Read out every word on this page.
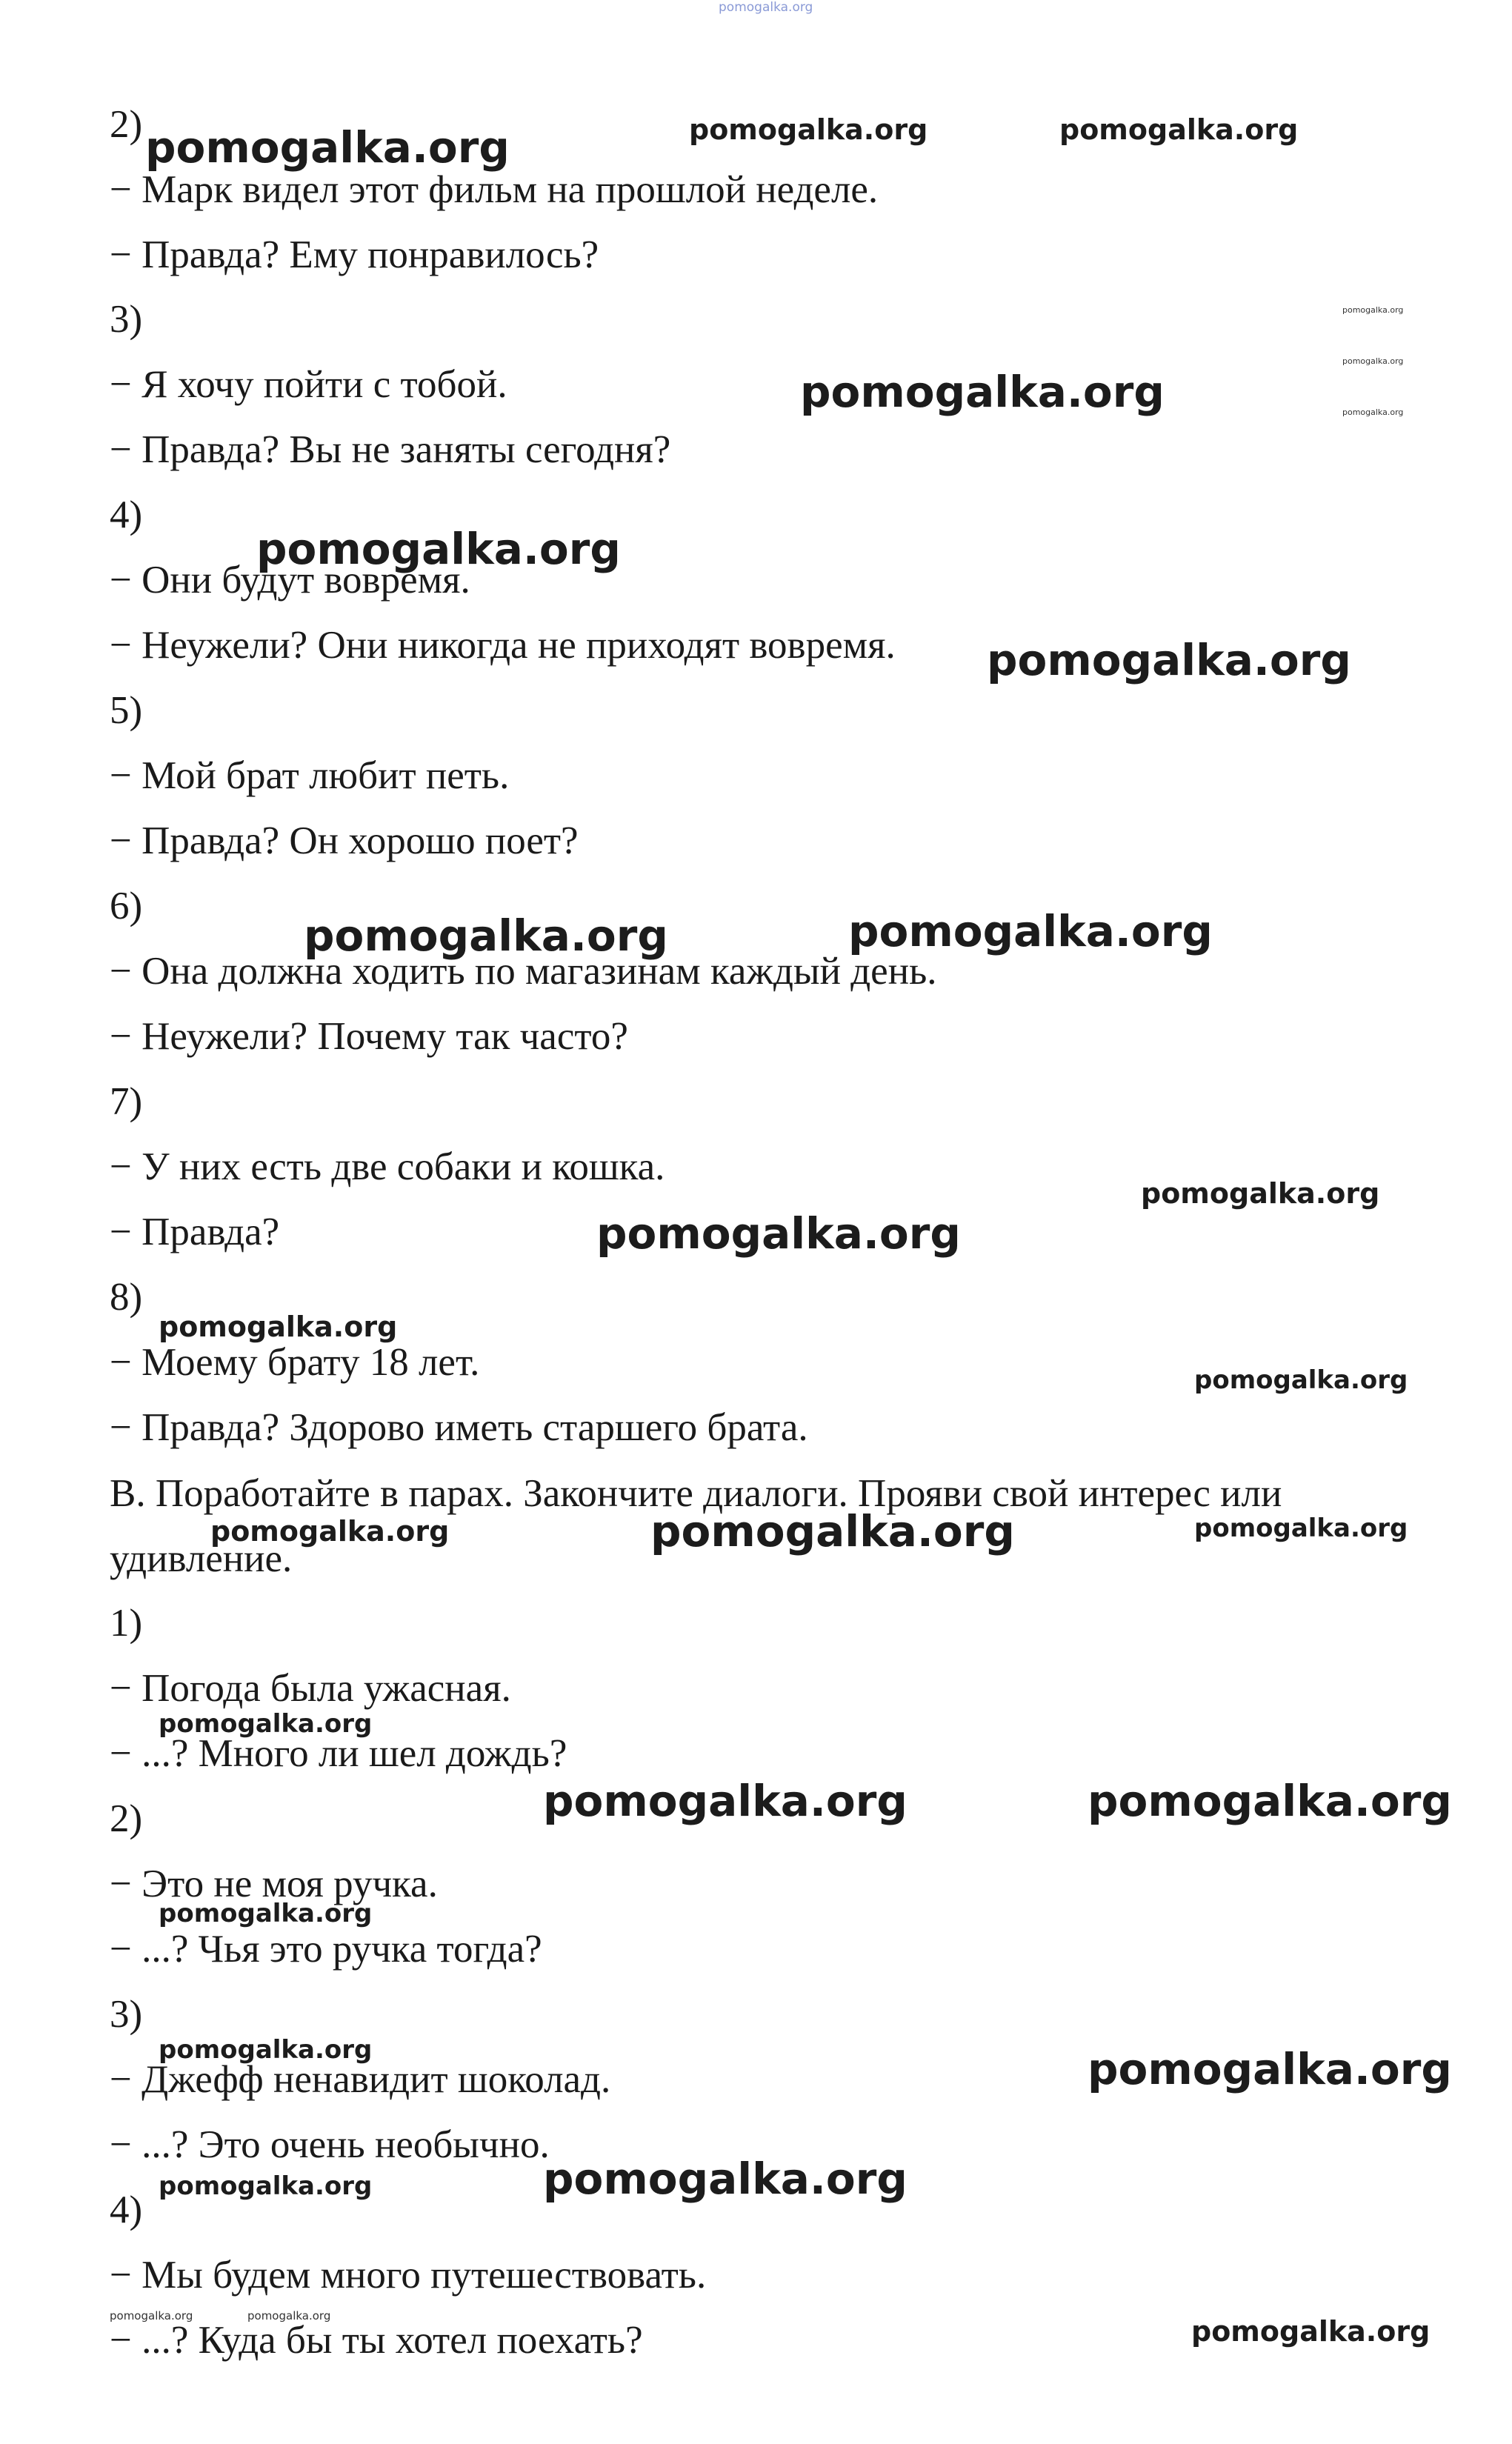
2)

− Марк видел этот фильм на прошлой неделе.

− Правда? Ему понравилось?

3)

− Я хочу пойти с тобой.

− Правда? Вы не заняты сегодня?

4)

− Они будут вовремя.

− Неужели? Они никогда не приходят вовремя.

5)

− Мой брат любит петь.

− Правда? Он хорошо поет?

6)

− Она должна ходить по магазинам каждый день.

− Неужели? Почему так часто?

7)

− У них есть две собаки и кошка.

− Правда?

8)

− Моему брату 18 лет.

− Правда? Здорово иметь старшего брата.

B. Поработайте в парах. Закончите диалоги. Прояви свой интерес или

удивление.

1)

− Погода была ужасная.

− ...? Много ли шел дождь?

2)

− Это не моя ручка.

− ...? Чья это ручка тогда?

3)

− Джефф ненавидит шоколад.

− ...? Это очень необычно.

4)

− Мы будем много путешествовать.

− ...? Куда бы ты хотел поехать?

pomogalka.org
pomogalka.org	pomogalka.org	pomogalka.org
pomogalka.org
pomogalka.org
pomogalka.org
pomogalka.org
pomogalka.org
pomogalka.org
pomogalka.org	pomogalka.org
pomogalka.org
pomogalka.org
pomogalka.org
pomogalka.org
pomogalka.org	pomogalka.org	pomogalka.org
pomogalka.org
pomogalka.org	pomogalka.org
pomogalka.org
pomogalka.org	pomogalka.org
pomogalka.org	pomogalka.org
pomogalka.org	pomogalka.org	pomogalka.org
